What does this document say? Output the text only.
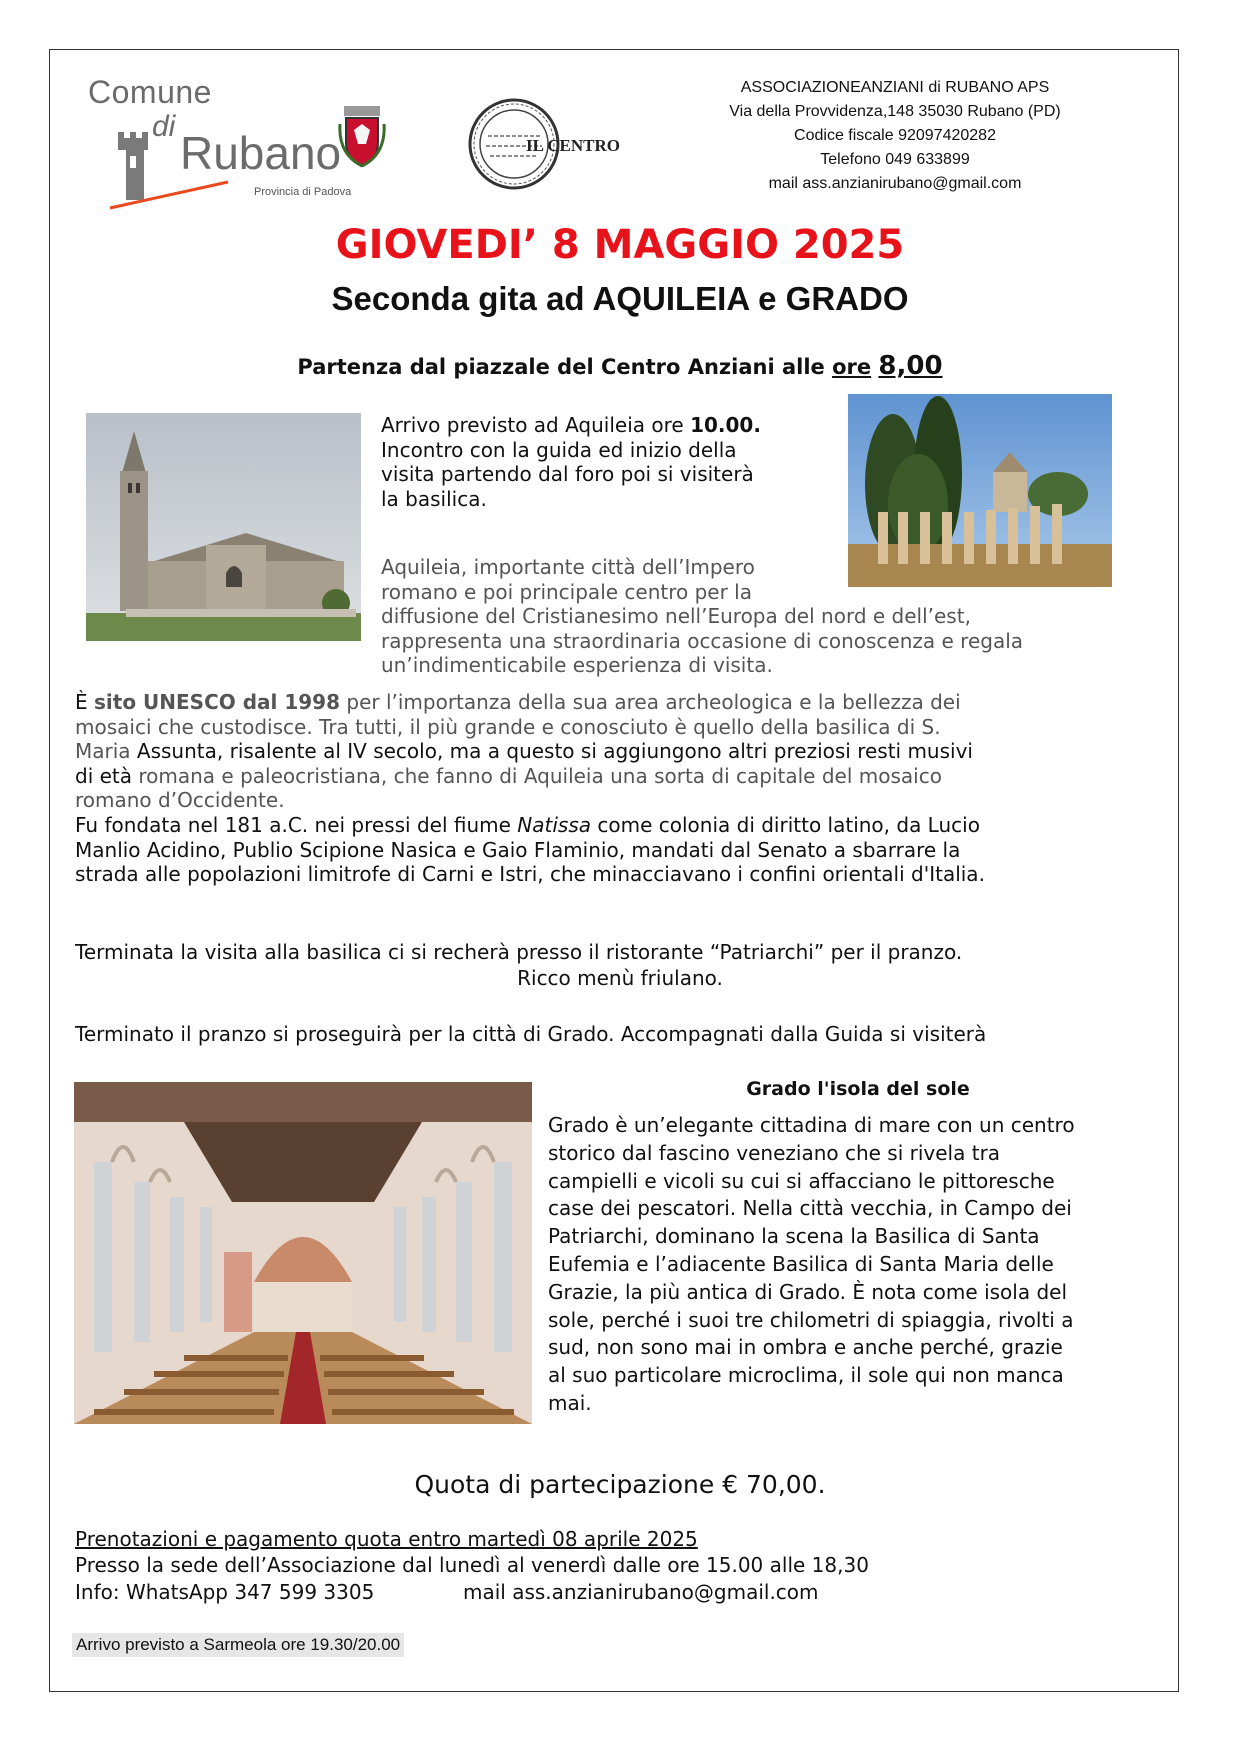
Comune
di
Rubano
Provincia di Padova
IL CENTRO
ASSOCIAZIONEANZIANI di RUBANO APS
Via della Provvidenza,148 35030 Rubano (PD)
Codice fiscale 92097420282
Telefono 049 633899
mail ass.anzianirubano@gmail.com
GIOVEDI’ 8 MAGGIO 2025
Seconda gita ad AQUILEIA e GRADO
Partenza dal piazzale del Centro Anziani alle ore 8,00
Arrivo previsto ad Aquileia ore 10.00.
Incontro con la guida ed inizio della
visita partendo dal foro poi si visiterà
la basilica.
Aquileia, importante città dell’Impero
romano e poi principale centro per la
diffusione del Cristianesimo nell’Europa del nord e dell’est,
rappresenta una straordinaria occasione di conoscenza e regala
un’indimenticabile esperienza di visita.
È sito UNESCO dal 1998 per l’importanza della sua area archeologica e la bellezza dei
mosaici che custodisce. Tra tutti, il più grande e conosciuto è quello della basilica di S.
Maria Assunta, risalente al IV secolo, ma a questo si aggiungono altri preziosi resti musivi
di età romana e paleocristiana, che fanno di Aquileia una sorta di capitale del mosaico
romano d’Occidente.
Fu fondata nel 181 a.C. nei pressi del fiume Natissa come colonia di diritto latino, da Lucio
Manlio Acidino, Publio Scipione Nasica e Gaio Flaminio, mandati dal Senato a sbarrare la
strada alle popolazioni limitrofe di Carni e Istri, che minacciavano i confini orientali d'Italia.
Terminata la visita alla basilica ci si recherà presso il ristorante “Patriarchi” per il pranzo.
Ricco menù friulano.
Terminato il pranzo si proseguirà per la città di Grado. Accompagnati dalla Guida si visiterà
Grado l'isola del sole
Grado è un’elegante cittadina di mare con un centro
storico dal fascino veneziano che si rivela tra
campielli e vicoli su cui si affacciano le pittoresche
case dei pescatori. Nella città vecchia, in Campo dei
Patriarchi, dominano la scena la Basilica di Santa
Eufemia e l’adiacente Basilica di Santa Maria delle
Grazie, la più antica di Grado. È nota come isola del
sole, perché i suoi tre chilometri di spiaggia, rivolti a
sud, non sono mai in ombra e anche perché, grazie
al suo particolare microclima, il sole qui non manca
mai.
Quota di partecipazione € 70,00.
Prenotazioni e pagamento quota entro martedì 08 aprile 2025
Presso la sede dell’Associazione dal lunedì al venerdì dalle ore 15.00 alle 18,30
Info: WhatsApp 347 599 3305	mail ass.anzianirubano@gmail.com
Arrivo previsto a Sarmeola ore 19.30/20.00
